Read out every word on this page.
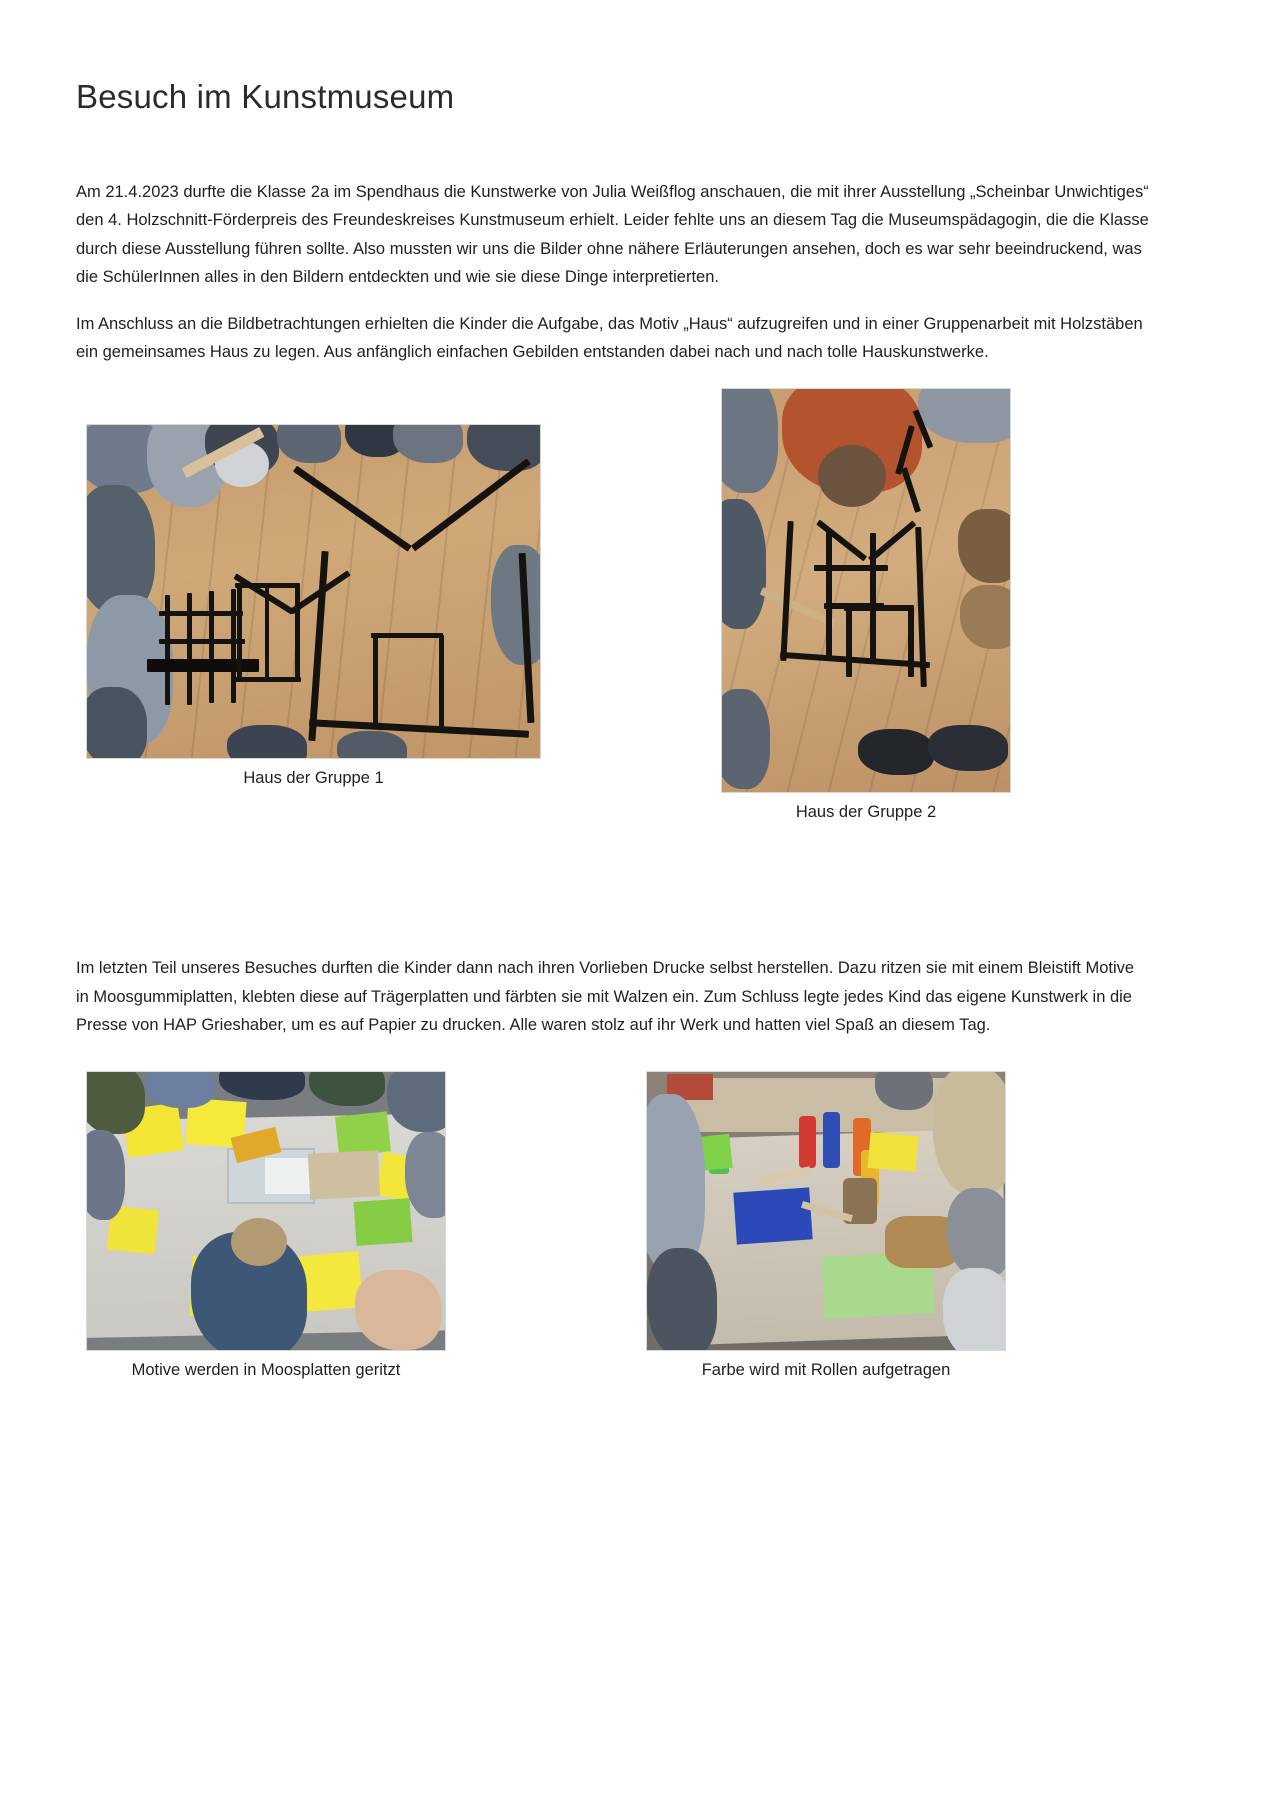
Besuch im Kunstmuseum

Am 21.4.2023 durfte die Klasse 2a im Spendhaus die Kunstwerke von Julia Weißflog anschauen, die mit ihrer Ausstellung „Scheinbar Unwichtiges“ den 4. Holzschnitt-Förderpreis des Freundeskreises Kunstmuseum erhielt. Leider fehlte uns an diesem Tag die Museumspädagogin, die die Klasse durch diese Ausstellung führen sollte. Also mussten wir uns die Bilder ohne nähere Erläuterungen ansehen, doch es war sehr beeindruckend, was die SchülerInnen alles in den Bildern entdeckten und wie sie diese Dinge interpretierten.

Im Anschluss an die Bildbetrachtungen erhielten die Kinder die Aufgabe, das Motiv „Haus“ aufzugreifen und in einer Gruppenarbeit mit Holzstäben ein gemeinsames Haus zu legen. Aus anfänglich einfachen Gebilden entstanden dabei nach und nach tolle Hauskunstwerke.

Haus der Gruppe 1
Haus der Gruppe 2

Im letzten Teil unseres Besuches durften die Kinder dann nach ihren Vorlieben Drucke selbst herstellen. Dazu ritzen sie mit einem Bleistift Motive in Moosgummiplatten, klebten diese auf Trägerplatten und färbten sie mit Walzen ein. Zum Schluss legte jedes Kind das eigene Kunstwerk in die Presse von HAP Grieshaber, um es auf Papier zu drucken. Alle waren stolz auf ihr Werk und hatten viel Spaß an diesem Tag.

Motive werden in Moosplatten geritzt	Farbe wird mit Rollen aufgetragen
